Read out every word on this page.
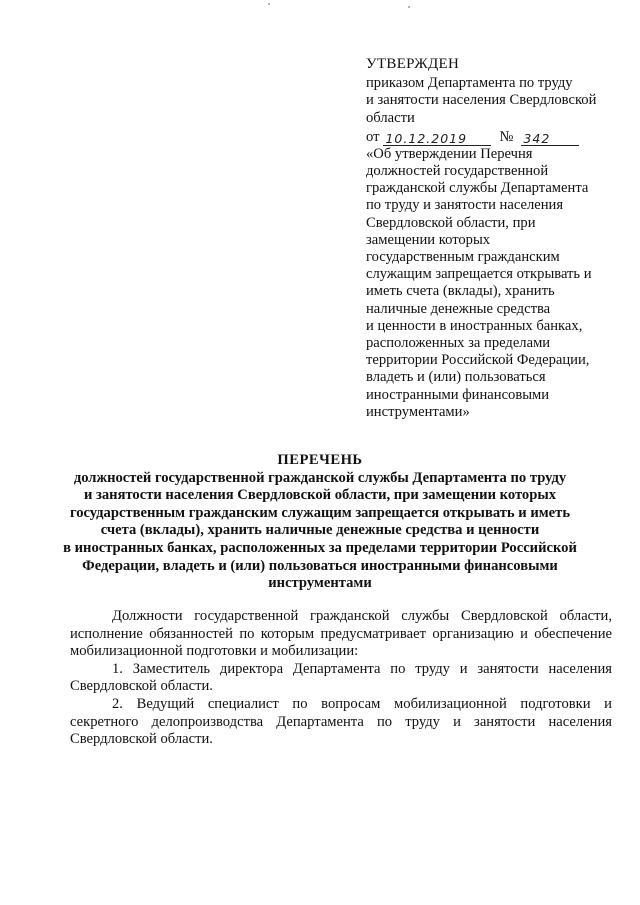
УТВЕРЖДЕН
приказом Департамента по труду
и занятости населения Свердловской
области
от 10.12.2019	№ 342
«Об утверждении Перечня
должностей государственной
гражданской службы Департамента
по труду и занятости населения
Свердловской области, при
замещении которых
государственным гражданским
служащим запрещается открывать и
иметь счета (вклады), хранить
наличные денежные средства
и ценности в иностранных банках,
расположенных за пределами
территории Российской Федерации,
владеть и (или) пользоваться
иностранными финансовыми
инструментами»
ПЕРЕЧЕНЬ
должностей государственной гражданской службы Департамента по труду
и занятости населения Свердловской области, при замещении которых
государственным гражданским служащим запрещается открывать и иметь
счета (вклады), хранить наличные денежные средства и ценности
в иностранных банках, расположенных за пределами территории Российской
Федерации, владеть и (или) пользоваться иностранными финансовыми
инструментами

Должности государственной гражданской службы Свердловской области, исполнение обязанностей по которым предусматривает организацию и обеспечение мобилизационной подготовки и мобилизации:

1. Заместитель директора Департамента по труду и занятости населения Свердловской области.

2. Ведущий специалист по вопросам мобилизационной подготовки и секретного делопроизводства Департамента по труду и занятости населения Свердловской области.
